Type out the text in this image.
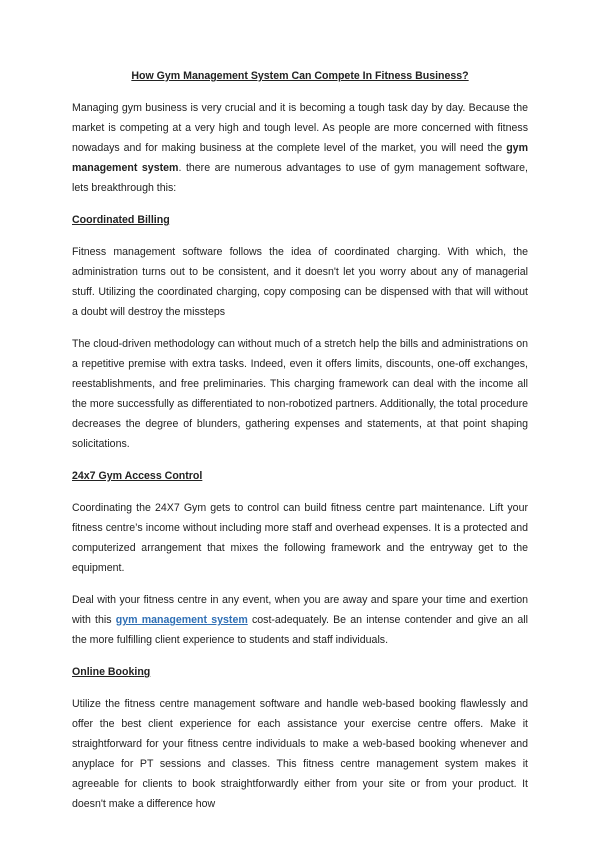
How Gym Management System Can Compete In Fitness Business?

Managing gym business is very crucial and it is becoming a tough task day by day. Because the market is competing at a very high and tough level. As people are more concerned with fitness nowadays and for making business at the complete level of the market, you will need the gym management system. there are numerous advantages to use of gym management software, lets breakthrough this:

Coordinated Billing

Fitness management software follows the idea of coordinated charging. With which, the administration turns out to be consistent, and it doesn't let you worry about any of managerial stuff. Utilizing the coordinated charging, copy composing can be dispensed with that will without a doubt will destroy the missteps

The cloud-driven methodology can without much of a stretch help the bills and administrations on a repetitive premise with extra tasks. Indeed, even it offers limits, discounts, one-off exchanges, reestablishments, and free preliminaries. This charging framework can deal with the income all the more successfully as differentiated to non-robotized partners. Additionally, the total procedure decreases the degree of blunders, gathering expenses and statements, at that point shaping solicitations.

24x7 Gym Access Control

Coordinating the 24X7 Gym gets to control can build fitness centre part maintenance. Lift your fitness centre’s income without including more staff and overhead expenses. It is a protected and computerized arrangement that mixes the following framework and the entryway get to the equipment.

Deal with your fitness centre in any event, when you are away and spare your time and exertion with this gym management system cost-adequately. Be an intense contender and give an all the more fulfilling client experience to students and staff individuals.

Online Booking

Utilize the fitness centre management software and handle web-based booking flawlessly and offer the best client experience for each assistance your exercise centre offers. Make it straightforward for your fitness centre individuals to make a web-based booking whenever and anyplace for PT sessions and classes. This fitness centre management system makes it agreeable for clients to book straightforwardly either from your site or from your product. It doesn't make a difference how
